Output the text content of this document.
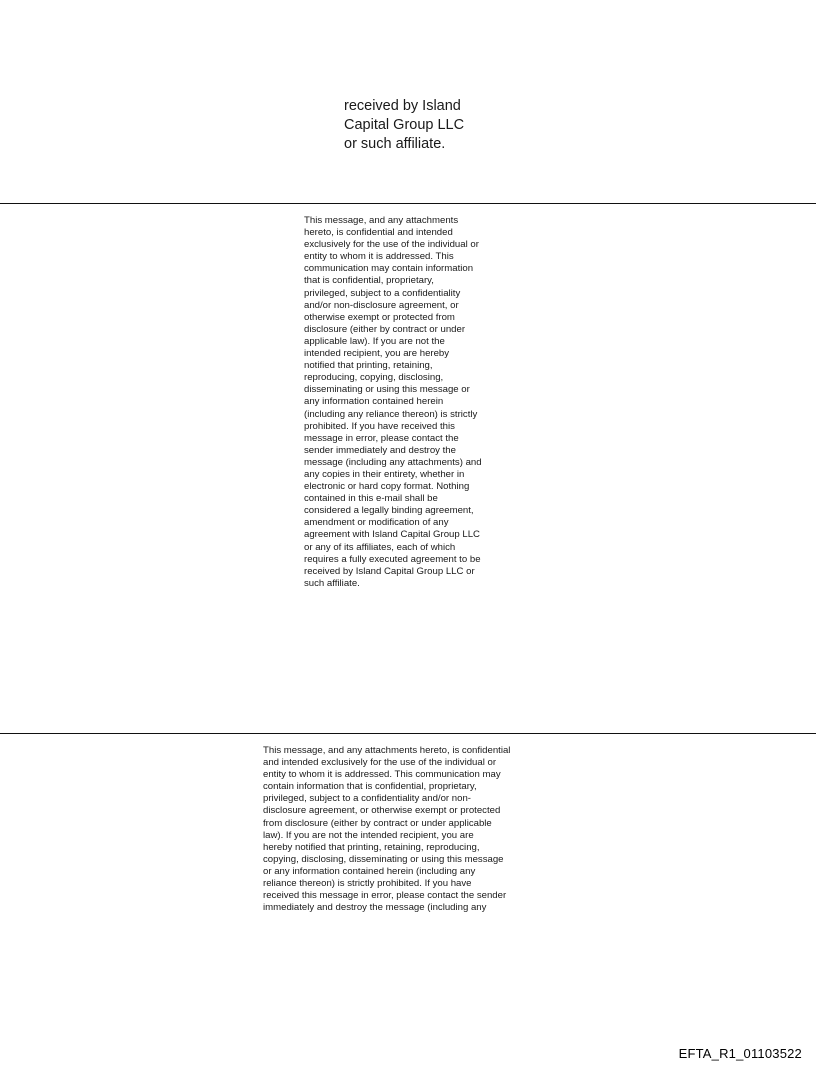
received by Island
Capital Group LLC
or such affiliate.
This message, and any attachments
hereto, is confidential and intended
exclusively for the use of the individual or
entity to whom it is addressed. This
communication may contain information
that is confidential, proprietary,
privileged, subject to a confidentiality
and/or non-disclosure agreement, or
otherwise exempt or protected from
disclosure (either by contract or under
applicable law). If you are not the
intended recipient, you are hereby
notified that printing, retaining,
reproducing, copying, disclosing,
disseminating or using this message or
any information contained herein
(including any reliance thereon) is strictly
prohibited. If you have received this
message in error, please contact the
sender immediately and destroy the
message (including any attachments) and
any copies in their entirety, whether in
electronic or hard copy format. Nothing
contained in this e-mail shall be
considered a legally binding agreement,
amendment or modification of any
agreement with Island Capital Group LLC
or any of its affiliates, each of which
requires a fully executed agreement to be
received by Island Capital Group LLC or
such affiliate.
This message, and any attachments hereto, is confidential
and intended exclusively for the use of the individual or
entity to whom it is addressed. This communication may
contain information that is confidential, proprietary,
privileged, subject to a confidentiality and/or non-
disclosure agreement, or otherwise exempt or protected
from disclosure (either by contract or under applicable
law). If you are not the intended recipient, you are
hereby notified that printing, retaining, reproducing,
copying, disclosing, disseminating or using this message
or any information contained herein (including any
reliance thereon) is strictly prohibited. If you have
received this message in error, please contact the sender
immediately and destroy the message (including any
EFTA_R1_01103522
